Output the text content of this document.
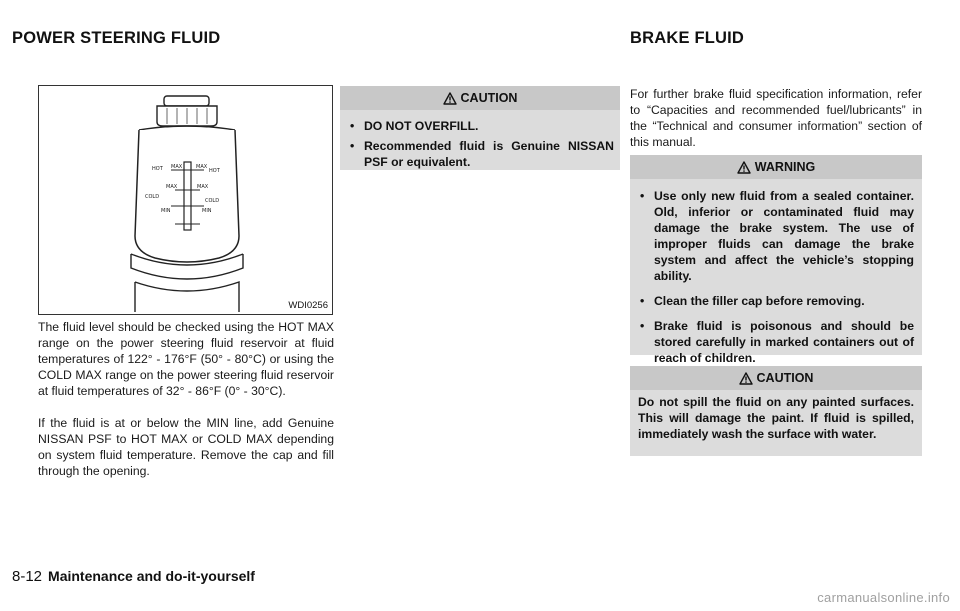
POWER STEERING FLUID	BRAKE FLUID
HOT MAX	MAX
HOT
MAX	MAX
COLD
COLD
MIN	MIN
WDI0256

The fluid level should be checked using the HOT MAX range on the power steering fluid reservoir at fluid temperatures of 122° - 176°F (50° - 80°C) or using the COLD MAX range on the power steering fluid reservoir at fluid temperatures of 32° - 86°F (0° - 30°C).

If the fluid is at or below the MIN line, add Genuine NISSAN PSF to HOT MAX or COLD MAX depending on system fluid temperature. Remove the cap and fill through the opening.

CAUTION
• DO NOT OVERFILL.
• Recommended fluid is Genuine NISSAN PSF or equivalent.

For further brake fluid specification information, refer to “Capacities and recommended fuel/lubricants” in the “Technical and consumer information” section of this manual.

WARNING
• Use only new fluid from a sealed container. Old, inferior or contaminated fluid may damage the brake system. The use of improper fluids can damage the brake system and affect the vehicle’s stopping ability.
• Clean the filler cap before removing.
• Brake fluid is poisonous and should be stored carefully in marked containers out of reach of children.
CAUTION

Do not spill the fluid on any painted surfaces. This will damage the paint. If fluid is spilled, immediately wash the surface with water.

8-12 Maintenance and do-it-yourself
carmanualsonline.info
